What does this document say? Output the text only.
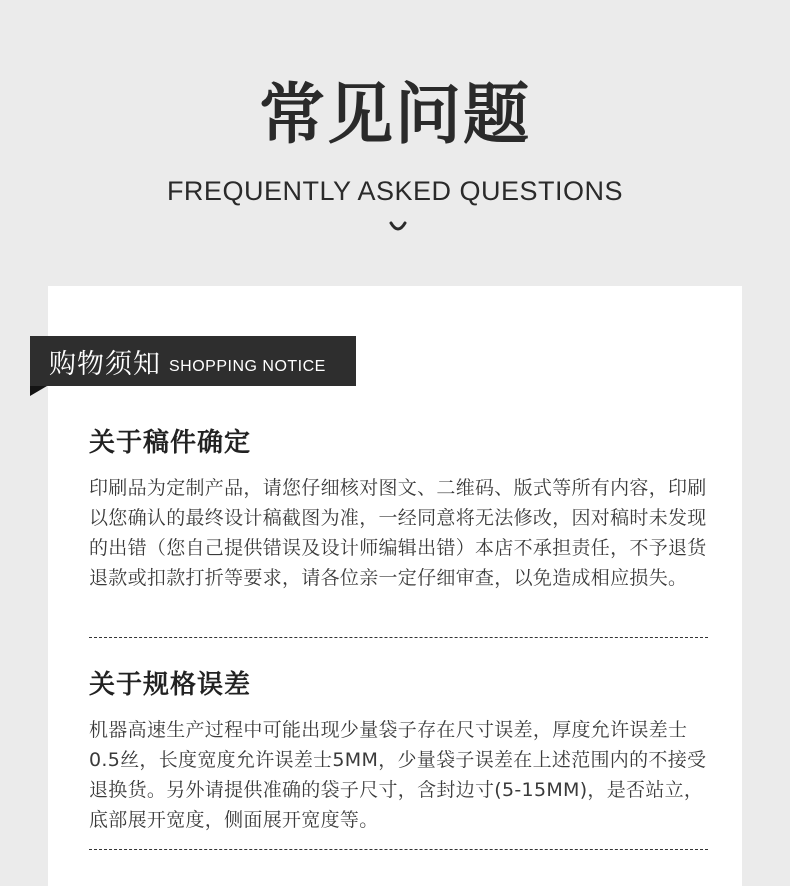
常见问题
FREQUENTLY ASKED QUESTIONS
购物须知 SHOPPING NOTICE
关于稿件确定
印刷品为定制产品，请您仔细核对图文、二维码、版式等所有内容，印刷以您确认的最终设计稿截图为准，一经同意将无法修改，因对稿时未发现的出错（您自己提供错误及设计师编辑出错）本店不承担责任，不予退货退款或扣款打折等要求，请各位亲一定仔细审查，以免造成相应损失。
关于规格误差
机器高速生产过程中可能出现少量袋子存在尺寸误差，厚度允许误差士0.5丝，长度宽度允许误差士5MM，少量袋子误差在上述范围内的不接受退换货。另外请提供准确的袋子尺寸，含封边寸(5-15MM)，是否站立，底部展开宽度，侧面展开宽度等。
